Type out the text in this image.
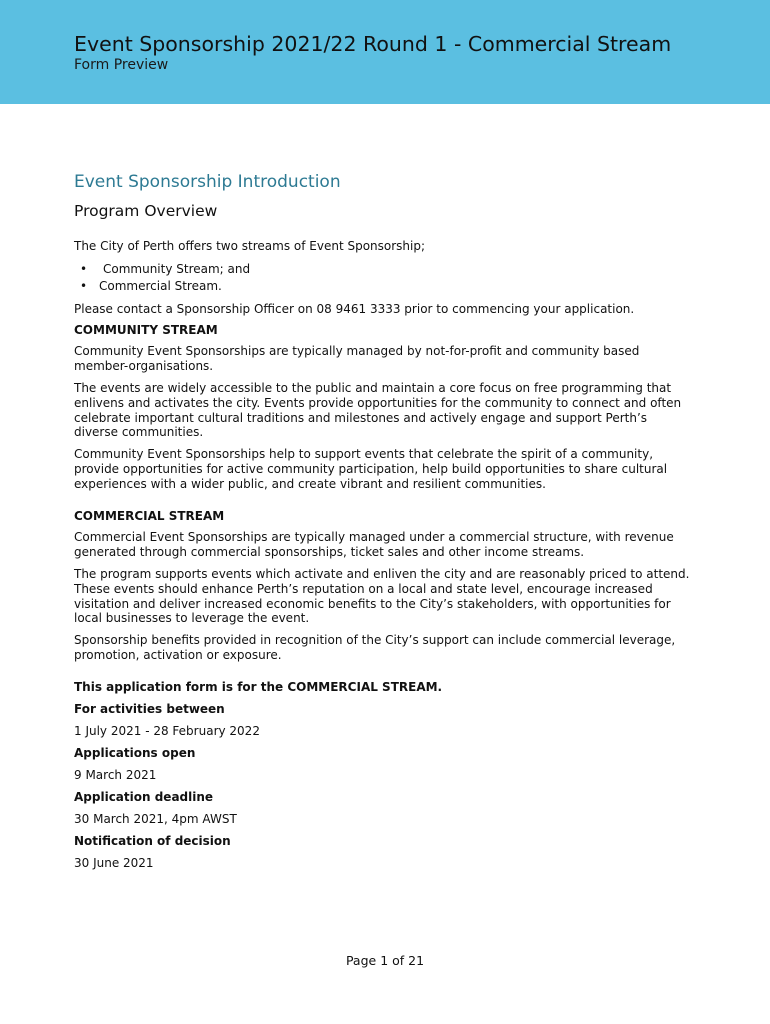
Event Sponsorship 2021/22 Round 1 - Commercial Stream
Form Preview
Event Sponsorship Introduction
Program Overview

The City of Perth offers two streams of Event Sponsorship;

• Community Stream; and
• Commercial Stream.

Please contact a Sponsorship Officer on 08 9461 3333 prior to commencing your application.

COMMUNITY STREAM

Community Event Sponsorships are typically managed by not-for-profit and community based member-organisations.

The events are widely accessible to the public and maintain a core focus on free programming that enlivens and activates the city. Events provide opportunities for the community to connect and often celebrate important cultural traditions and milestones and actively engage and support Perth’s diverse communities.

Community Event Sponsorships help to support events that celebrate the spirit of a community, provide opportunities for active community participation, help build opportunities to share cultural experiences with a wider public, and create vibrant and resilient communities.

COMMERCIAL STREAM

Commercial Event Sponsorships are typically managed under a commercial structure, with revenue generated through commercial sponsorships, ticket sales and other income streams.

The program supports events which activate and enliven the city and are reasonably priced to attend. These events should enhance Perth’s reputation on a local and state level, encourage increased visitation and deliver increased economic benefits to the City’s stakeholders, with opportunities for local businesses to leverage the event.

Sponsorship benefits provided in recognition of the City’s support can include commercial leverage, promotion, activation or exposure.

This application form is for the COMMERCIAL STREAM.

For activities between

1 July 2021 - 28 February 2022

Applications open

9 March 2021

Application deadline

30 March 2021, 4pm AWST

Notification of decision

30 June 2021

Page 1 of 21
